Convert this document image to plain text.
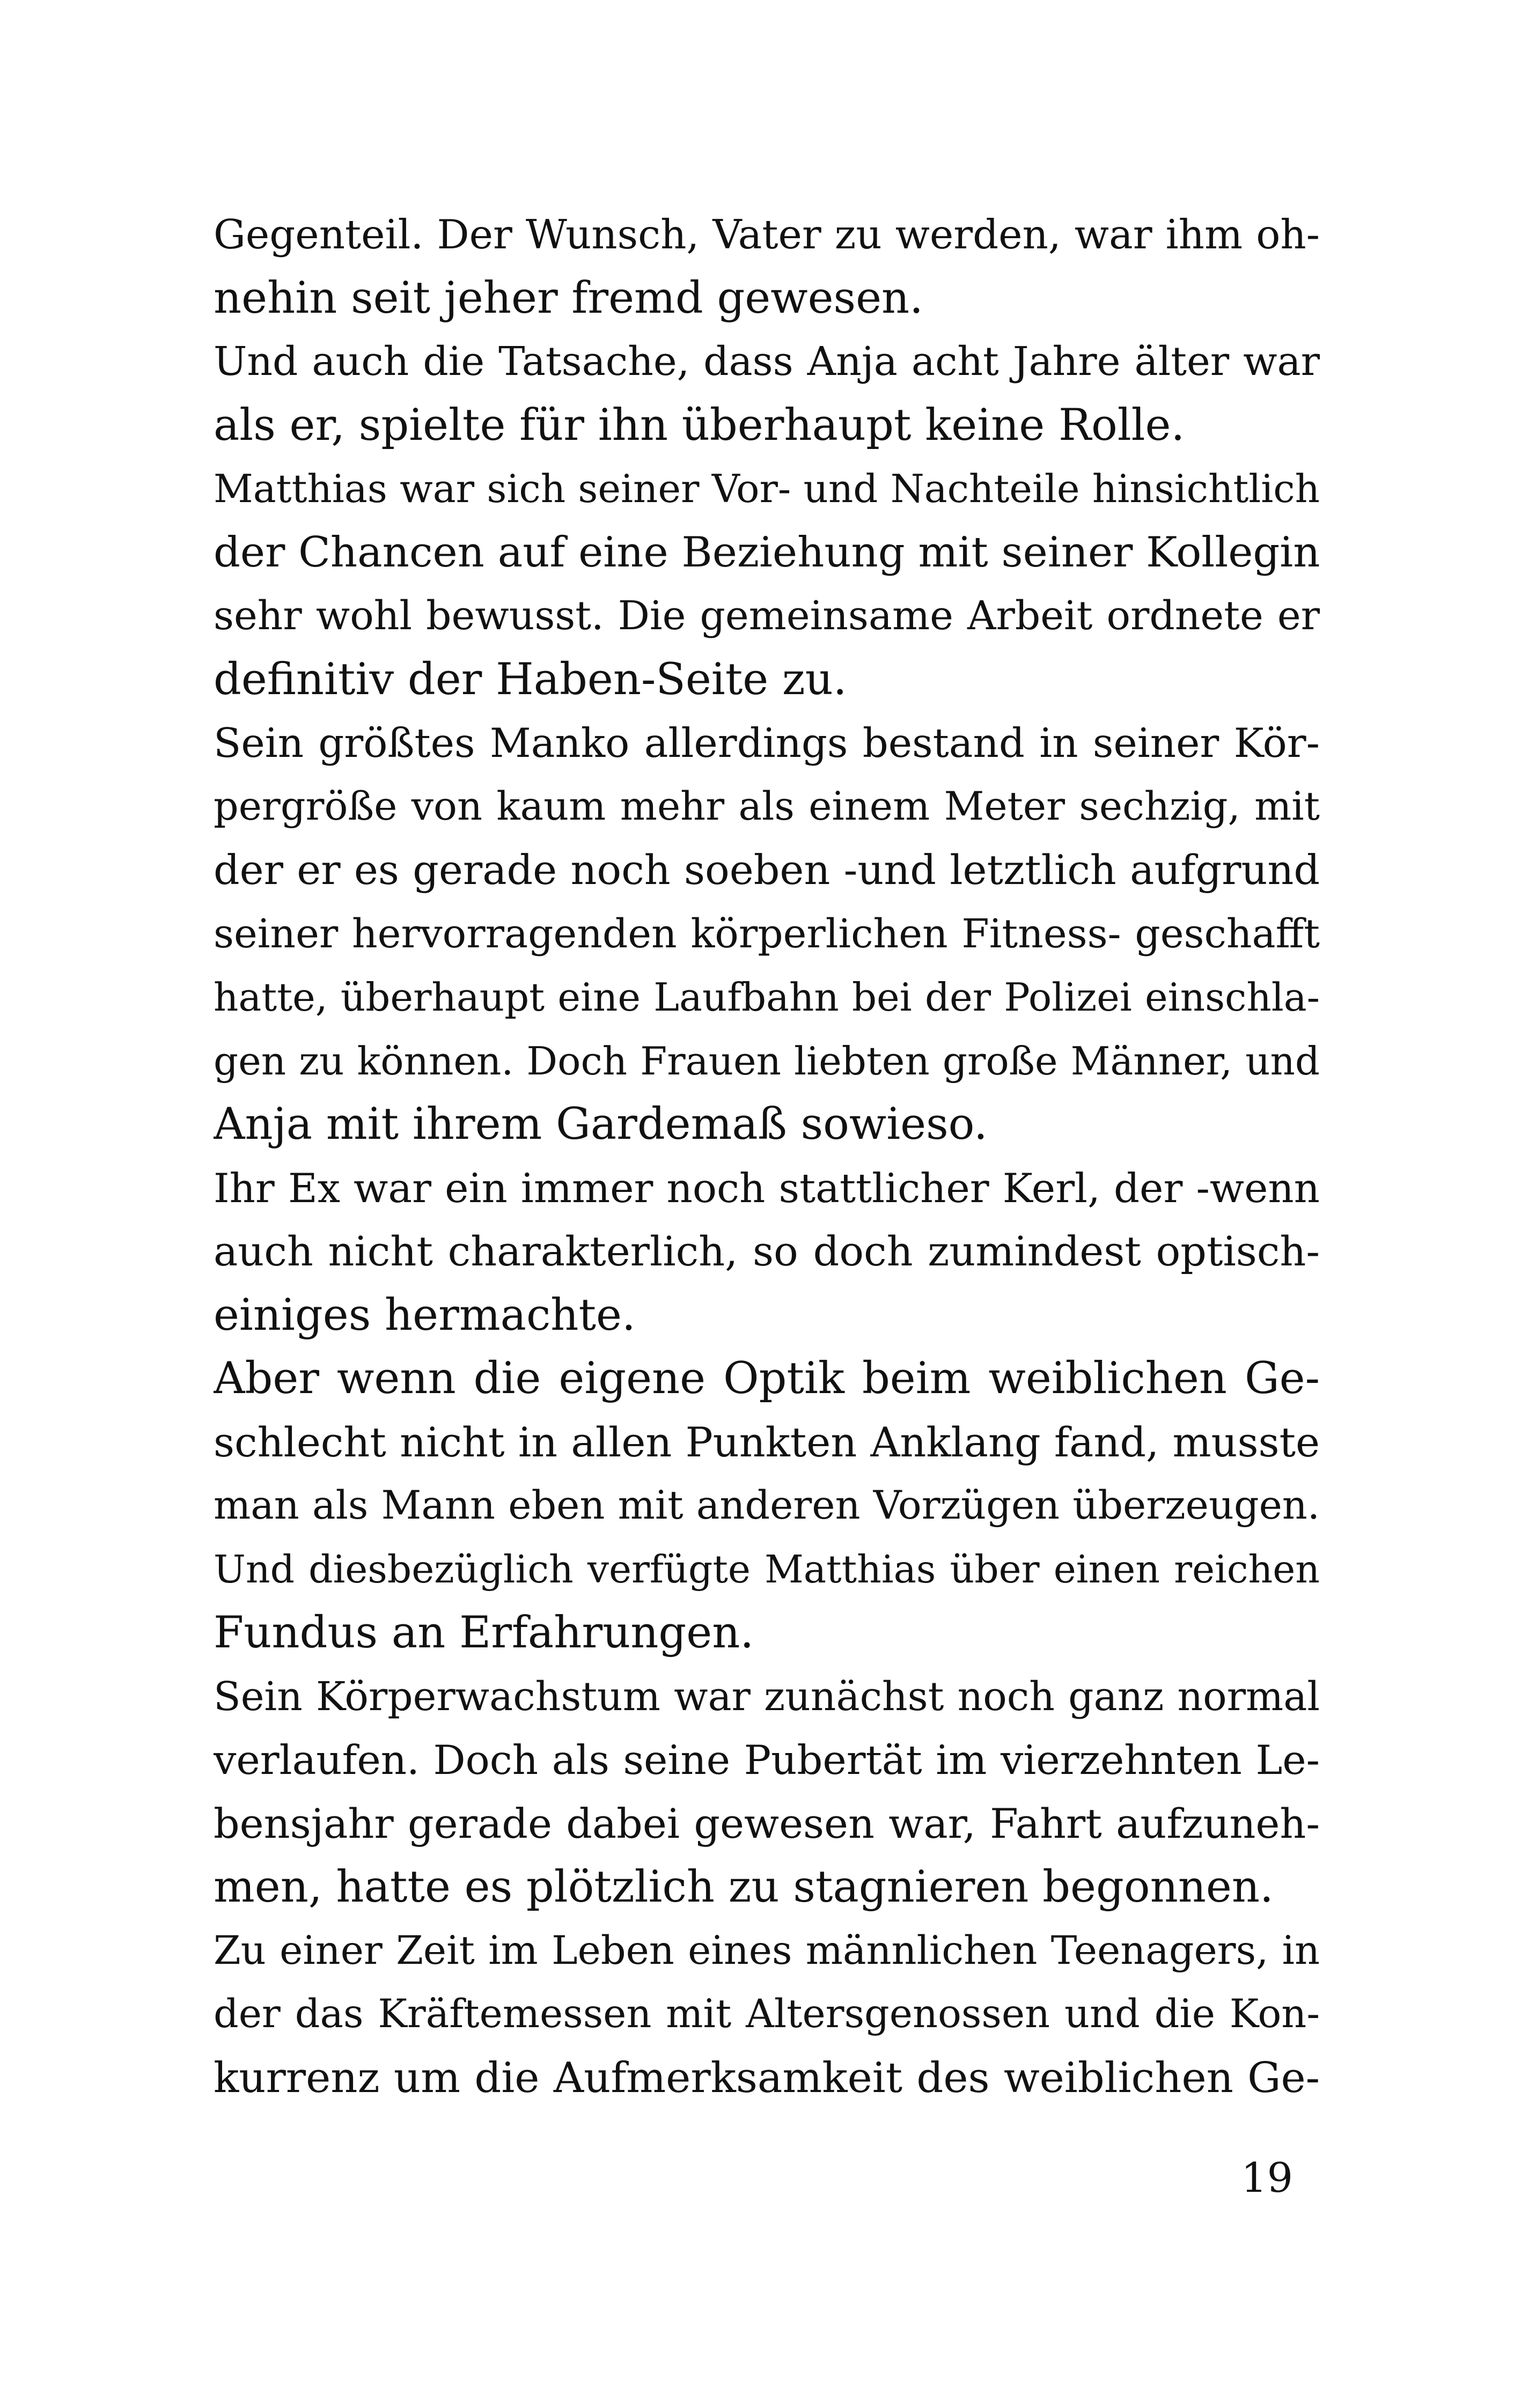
Gegenteil. Der Wunsch, Vater zu werden, war ihm oh-
nehin seit jeher fremd gewesen.
Und auch die Tatsache, dass Anja acht Jahre älter war
als er, spielte für ihn überhaupt keine Rolle.
Matthias war sich seiner Vor- und Nachteile hinsichtlich
der Chancen auf eine Beziehung mit seiner Kollegin
sehr wohl bewusst. Die gemeinsame Arbeit ordnete er
definitiv der Haben-Seite zu.
Sein größtes Manko allerdings bestand in seiner Kör-
pergröße von kaum mehr als einem Meter sechzig, mit
der er es gerade noch soeben -und letztlich aufgrund
seiner hervorragenden körperlichen Fitness- geschafft
hatte, überhaupt eine Laufbahn bei der Polizei einschla-
gen zu können. Doch Frauen liebten große Männer, und
Anja mit ihrem Gardemaß sowieso.
Ihr Ex war ein immer noch stattlicher Kerl, der -wenn
auch nicht charakterlich, so doch zumindest optisch-
einiges hermachte.
Aber wenn die eigene Optik beim weiblichen Ge-
schlecht nicht in allen Punkten Anklang fand, musste
man als Mann eben mit anderen Vorzügen überzeugen.
Und diesbezüglich verfügte Matthias über einen reichen
Fundus an Erfahrungen.
Sein Körperwachstum war zunächst noch ganz normal
verlaufen. Doch als seine Pubertät im vierzehnten Le-
bensjahr gerade dabei gewesen war, Fahrt aufzuneh-
men, hatte es plötzlich zu stagnieren begonnen.
Zu einer Zeit im Leben eines männlichen Teenagers, in
der das Kräftemessen mit Altersgenossen und die Kon-
kurrenz um die Aufmerksamkeit des weiblichen Ge-
19
